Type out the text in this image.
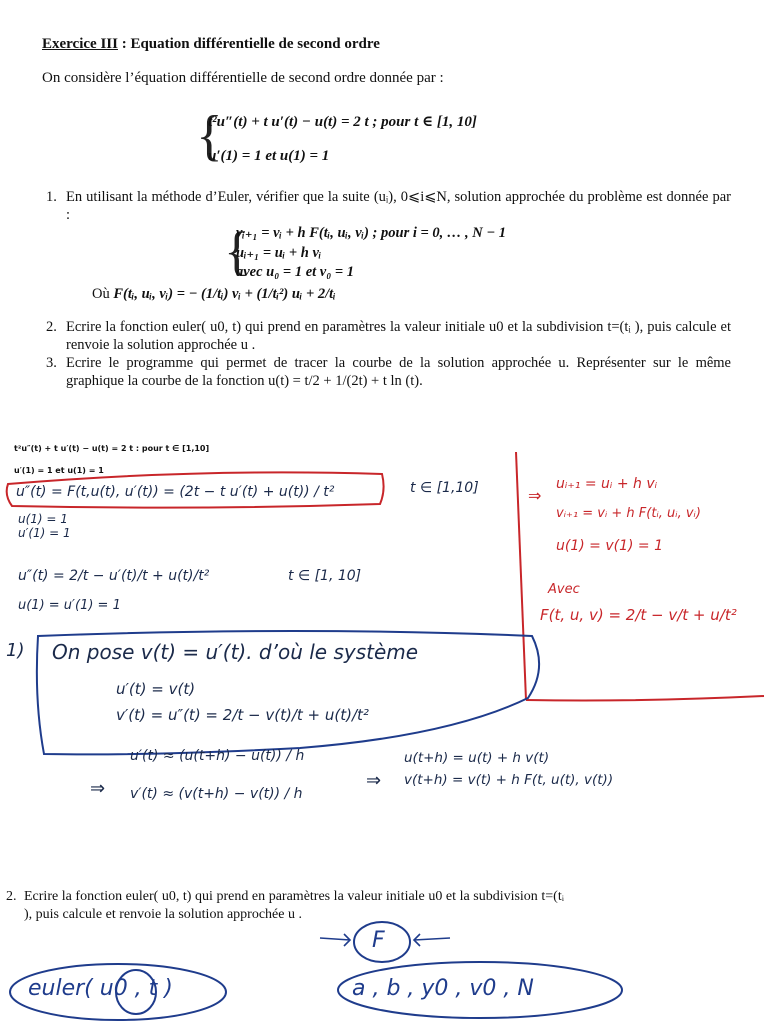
Exercice III : Equation différentielle de second ordre
On considère l’équation différentielle de second ordre donnée par :
{
t²u″(t) + t u′(t) − u(t) = 2 t ; pour t ∈ [1, 10]
u′(1) = 1 et u(1) = 1
1. En utilisant la méthode d’Euler, vérifier que la suite (uᵢ), 0⩽i⩽N, solution approchée du problème est donnée par :
{
vᵢ₊₁ = vᵢ + h F(tᵢ, uᵢ, vᵢ) ; pour i = 0, … , N − 1
uᵢ₊₁ = uᵢ + h vᵢ
avec u₀ = 1 et v₀ = 1
Où F(tᵢ, uᵢ, vᵢ) = − (1/tᵢ) vᵢ + (1/tᵢ²) uᵢ + 2/tᵢ
2. Ecrire la fonction euler( u0, t) qui prend en paramètres la valeur initiale u0 et la subdivision t=(tᵢ ), puis calcule et renvoie la solution approchée u .
3. Ecrire le programme qui permet de tracer la courbe de la solution approchée u. Représenter sur le même graphique la courbe de la fonction u(t) = t/2 + 1/(2t) + t ln (t).
t²u″(t) + t u′(t) − u(t) = 2 t : pour t ∈ [1,10]
u′(1) = 1 et u(1) = 1
u″(t) = F(t,u(t), u′(t)) = (2t − t u′(t) + u(t)) / t²	t ∈ [1,10]
u(1) = 1
u′(1) = 1
u″(t) = 2/t − u′(t)/t + u(t)/t²	t ∈ [1, 10]
u(1) = u′(1) = 1
1) On pose v(t) = u′(t). d’où le système
u′(t) = v(t)
v′(t) = u″(t) = 2/t − v(t)/t + u(t)/t²
⇒
u′(t) ≈ (u(t+h) − u(t)) / h
v′(t) ≈ (v(t+h) − v(t)) / h
⇒
u(t+h) = u(t) + h v(t)
v(t+h) = v(t) + h F(t, u(t), v(t))
⇒
uᵢ₊₁ = uᵢ + h vᵢ
vᵢ₊₁ = vᵢ + h F(tᵢ, uᵢ, vᵢ)
u(1) = v(1) = 1
Avec
F(t, u, v) = 2/t − v/t + u/t²
2. Ecrire la fonction euler( u0, t) qui prend en paramètres la valeur initiale u0 et la subdivision t=(tᵢ ), puis calcule et renvoie la solution approchée u .
euler( u0 , t )
F
a , b , y0 , v0 , N
